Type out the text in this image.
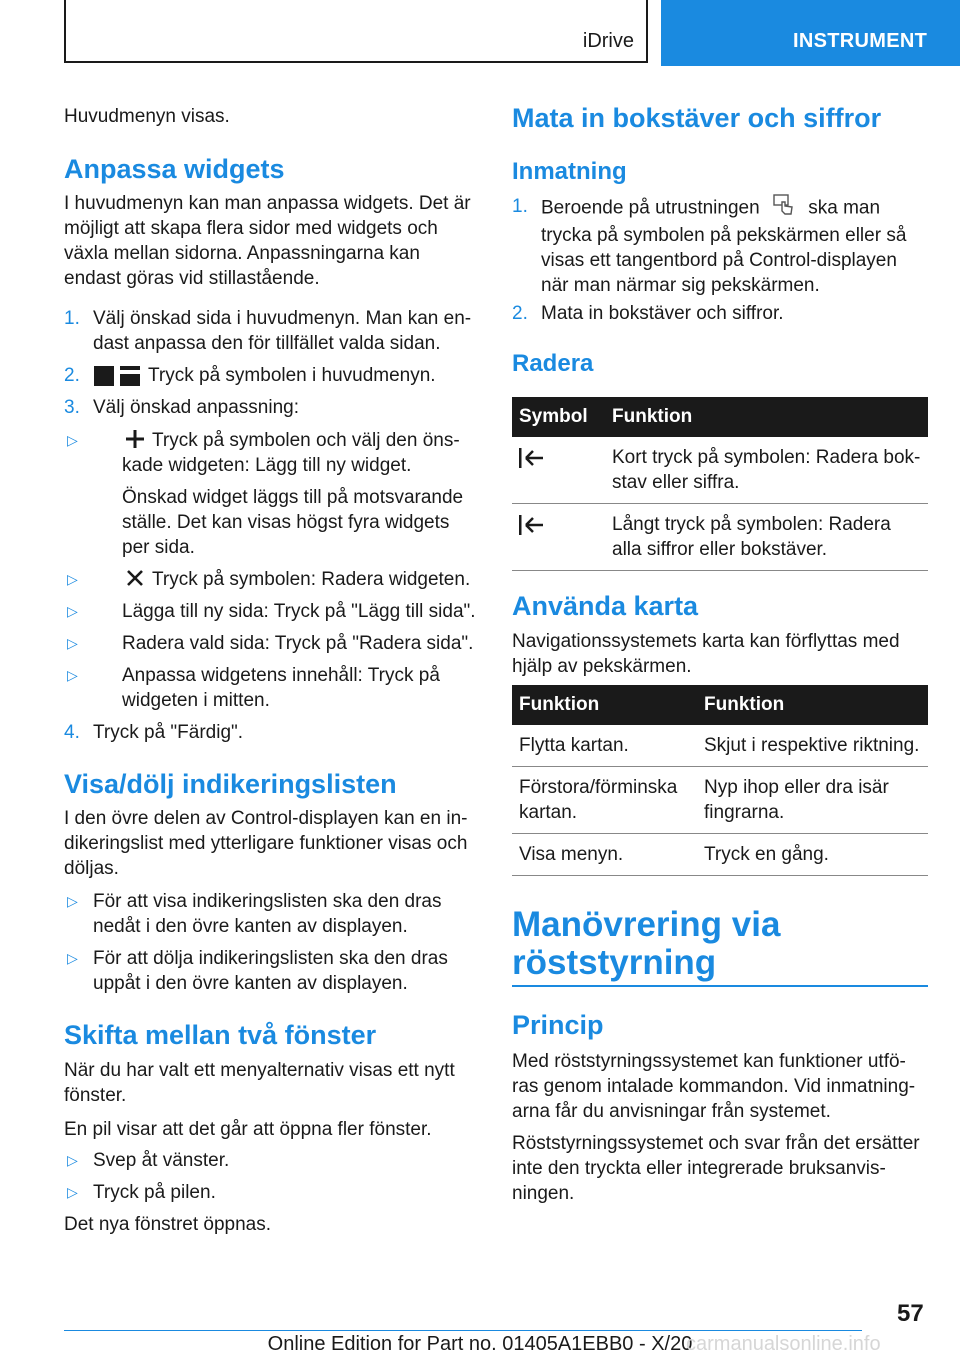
iDrive	INSTRUMENT

Huvudmenyn visas.

Anpassa widgets

I huvudmenyn kan man anpassa widgets. Det är möjligt att skapa flera sidor med widgets och växla mellan sidorna. Anpassningarna kan endast göras vid stillastående.

1. Välj önskad sida i huvudmenyn. Man kan en-dast anpassa den för tillfället valda sidan.

2.	Tryck på symbolen i huvudmenyn.

3. Välj önskad anpassning:

▷	Tryck på symbolen och välj den öns-kade widgeten: Lägg till ny widget.

Önskad widget läggs till på motsvarande ställe. Det kan visas högst fyra widgets per sida.

▷	Tryck på symbolen: Radera widgeten.

▷ Lägga till ny sida: Tryck på "Lägg till sida".

▷ Radera vald sida: Tryck på "Radera sida".

▷ Anpassa widgetens innehåll: Tryck på widgeten i mitten.

4. Tryck på "Färdig".

Visa/dölj indikeringslisten

I den övre delen av Control-displayen kan en in-dikeringslist med ytterligare funktioner visas och döljas.

▷ För att visa indikeringslisten ska den dras nedåt i den övre kanten av displayen.

▷ För att dölja indikeringslisten ska den dras uppåt i den övre kanten av displayen.

Skifta mellan två fönster

När du har valt ett menyalternativ visas ett nytt fönster.

En pil visar att det går att öppna fler fönster.

▷ Svep åt vänster.

▷ Tryck på pilen.

Det nya fönstret öppnas.

Mata in bokstäver och siffror
Inmatning
1. Beroende på utrustningen	ska man trycka på symbolen på pekskärmen eller så visas ett tangentbord på Control-displayen när man närmar sig pekskärmen.

2. Mata in bokstäver och siffror.

Radera
Symbol	Funktion
	Kort tryck på symbolen: Radera bok-stav eller siffra.
	Långt tryck på symbolen: Radera alla siffror eller bokstäver.
Använda karta

Navigationssystemets karta kan förflyttas med hjälp av pekskärmen.

Funktion	Funktion
Flytta kartan.	Skjut i respektive riktning.
Förstora/förminska kartan.	Nyp ihop eller dra isär fingrarna.
Visa menyn.	Tryck en gång.
Manövrering via röststyrning
Princip

Med röststyrningssystemet kan funktioner utfö-ras genom intalade kommandon. Vid inmatning-arna får du anvisningar från systemet.

Röststyrningssystemet och svar från det ersätter inte den tryckta eller integrerade bruksanvis-ningen.

57
Online Edition for Part no. 01405A1EBB0 - X/20
carmanualsonline.info
